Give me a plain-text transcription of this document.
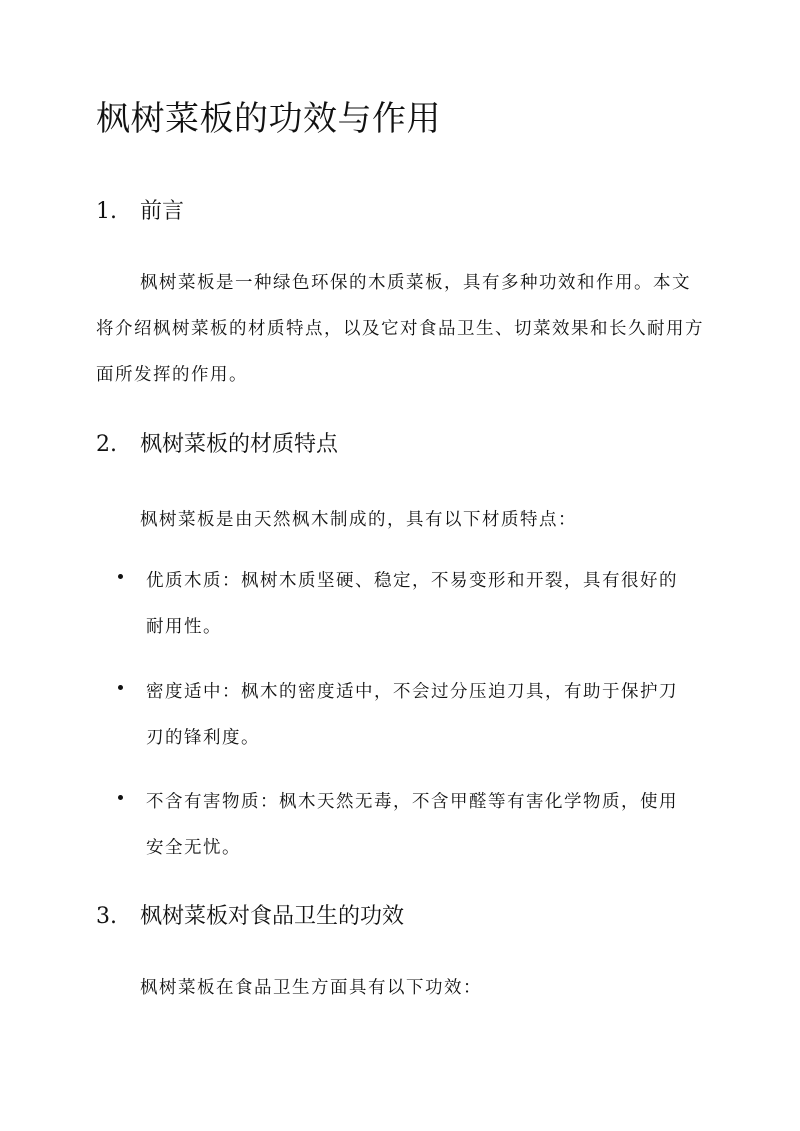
枫树菜板的功效与作用
1. 前言
枫树菜板是一种绿色环保的木质菜板，具有多种功效和作用。本文将介绍枫树菜板的材质特点，以及它对食品卫生、切菜效果和长久耐用方面所发挥的作用。
2. 枫树菜板的材质特点
枫树菜板是由天然枫木制成的，具有以下材质特点：
优质木质：枫树木质坚硬、稳定，不易变形和开裂，具有很好的耐用性。
密度适中：枫木的密度适中，不会过分压迫刀具，有助于保护刀刃的锋利度。
不含有害物质：枫木天然无毒，不含甲醛等有害化学物质，使用安全无忧。
3. 枫树菜板对食品卫生的功效
枫树菜板在食品卫生方面具有以下功效：
